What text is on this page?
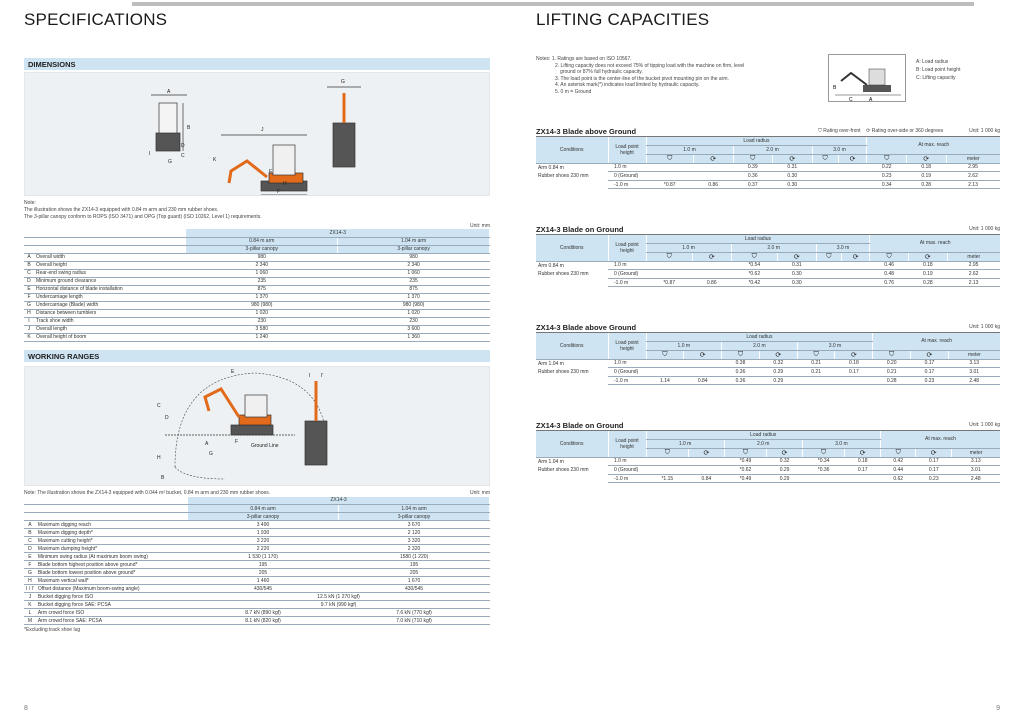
SPECIFICATIONS
DIMENSIONS
A
B
C
D
E
F
G
H
I
J
K
G
Note:
The illustration shows the ZX14-3 equipped with 0.84 m arm and 230 mm rubber shoes.
The 3-pillar canopy conform to ROPS (ISO 3471) and OPG (Top guard) (ISO 10262, Level 1) requirements.
Unit: mm
		ZX14-3	
		0.84 m arm	1.04 m arm
		3-pillar canopy	3-pillar canopy
A	Overall width	980	980
B	Overall height	2 340	2 340
C	Rear-end swing radius	1 060	1 060
D	Minimum ground clearance	235	235
E	Horizontal distance of blade installation	875	875
F	Undercarriage length	1 370	1 370
G	Undercarriage (Blade) width	980 (980)	980 (980)
H	Distance between tumblers	1 020	1 020
I	Track shoe width	230	230
J	Overall length	3 580	3 600
K	Overall height of boom	1 240	1 360
WORKING RANGES
E
C
D
A
G
H
B
F
Ground Line
I I'
Note: The illustration shows the ZX14-3 equipped with 0.044 m³ bucket, 0.84 m arm and 230 mm rubber shoes.	Unit: mm
		ZX14-3	
		0.84 m arm	1.04 m arm
		3-pillar canopy	3-pillar canopy
A	Maximum digging reach	3 490	3 670
B	Maximum digging depth*	1 930	2 120
C	Maximum cutting height*	3 220	3 320
D	Maximum dumping height*	2 220	2 320
E	Minimum swing radius (At maximum boom swing)	1 530 (1 170)	1580 (1 220)
F	Blade bottom highest position above ground*	195	195
G	Blade bottom lowest position above ground*	205	205
H	Maximum vertical wall*	1 460	1 670
I / I'	Offset distance (Maximum boom-swing angle)	430/545	430/545
J	Bucket digging force ISO	12.5 kN (1 270 kgf)	
K	Bucket digging force SAE: PCSA	9.7 kN (990 kgf)	
L	Arm crowd force ISO	8.7 kN (890 kgf)	7.6 kN (770 kgf)
M	Arm crowd force SAE: PCSA	8.1 kN (820 kgf)	7.0 kN (710 kgf)
*Excluding track shoe lug
8
LIFTING CAPACITIES
Notes: 1. Ratings are based on ISO 10567.
2. Lifting capacity does not exceed 75% of tipping load with the machine on firm, level
ground or 87% full hydraulic capacity.
3. The load point is the center-line of the bucket pivot mounting pin on the arm.
4. An asterisk mark(*) indicates load limited by hydraulic capacity.
5. 0 m = Ground
B
C	A
A: Load radius
B: Load point height
C: Lifting capacity
ZX14-3 Blade above Ground	⛉ Rating over-front    ⟳ Rating over-side or 360 degrees	Unit: 1 000 kg
Conditions	Load point
height	Load radius						At max. reach		
		1.0 m		2.0 m		3.0 m				
		⛉	⟳	⛉	⟳	⛉	⟳	⛉	⟳	meter
Arm 0.84 m	1.0 m			0.39	0.31			0.22	0.18	2.95
Rubber shoes 230 mm	0 (Ground)			0.36	0.30			0.23	0.19	2.62
	-1.0 m	*0.87	0.86	0.37	0.30			0.34	0.28	2.13
ZX14-3 Blade on Ground	Unit: 1 000 kg
Conditions	Load point
height	Load radius						At max. reach		
		1.0 m		2.0 m		3.0 m				
		⛉	⟳	⛉	⟳	⛉	⟳	⛉	⟳	meter
Arm 0.84 m	1.0 m			*0.54	0.31			0.46	0.18	2.95
Rubber shoes 230 mm	0 (Ground)			*0.62	0.30			0.48	0.19	2.62
	-1.0 m	*0.87	0.86	*0.42	0.30			0.76	0.28	2.13
ZX14-3 Blade above Ground	Unit: 1 000 kg
Conditions	Load point
height	Load radius						At max. reach		
		1.0 m		2.0 m		3.0 m				
		⛉	⟳	⛉	⟳	⛉	⟳	⛉	⟳	meter
Arm 1.04 m	1.0 m			0.38	0.32	0.21	0.18	0.20	0.17	3.13
Rubber shoes 230 mm	0 (Ground)			0.36	0.29	0.21	0.17	0.21	0.17	3.01
	-1.0 m	1.14	0.84	0.36	0.29			0.28	0.23	2.48
ZX14-3 Blade on Ground	Unit: 1 000 kg
Conditions	Load point
height	Load radius						At max. reach		
		1.0 m		2.0 m		3.0 m				
		⛉	⟳	⛉	⟳	⛉	⟳	⛉	⟳	meter
Arm 1.04 m	1.0 m			*0.49	0.32	*0.34	0.18	0.42	0.17	3.13
Rubber shoes 230 mm	0 (Ground)			*0.62	0.29	*0.36	0.17	0.44	0.17	3.01
	-1.0 m	*1.15	0.84	*0.49	0.29			0.62	0.23	2.48
9
